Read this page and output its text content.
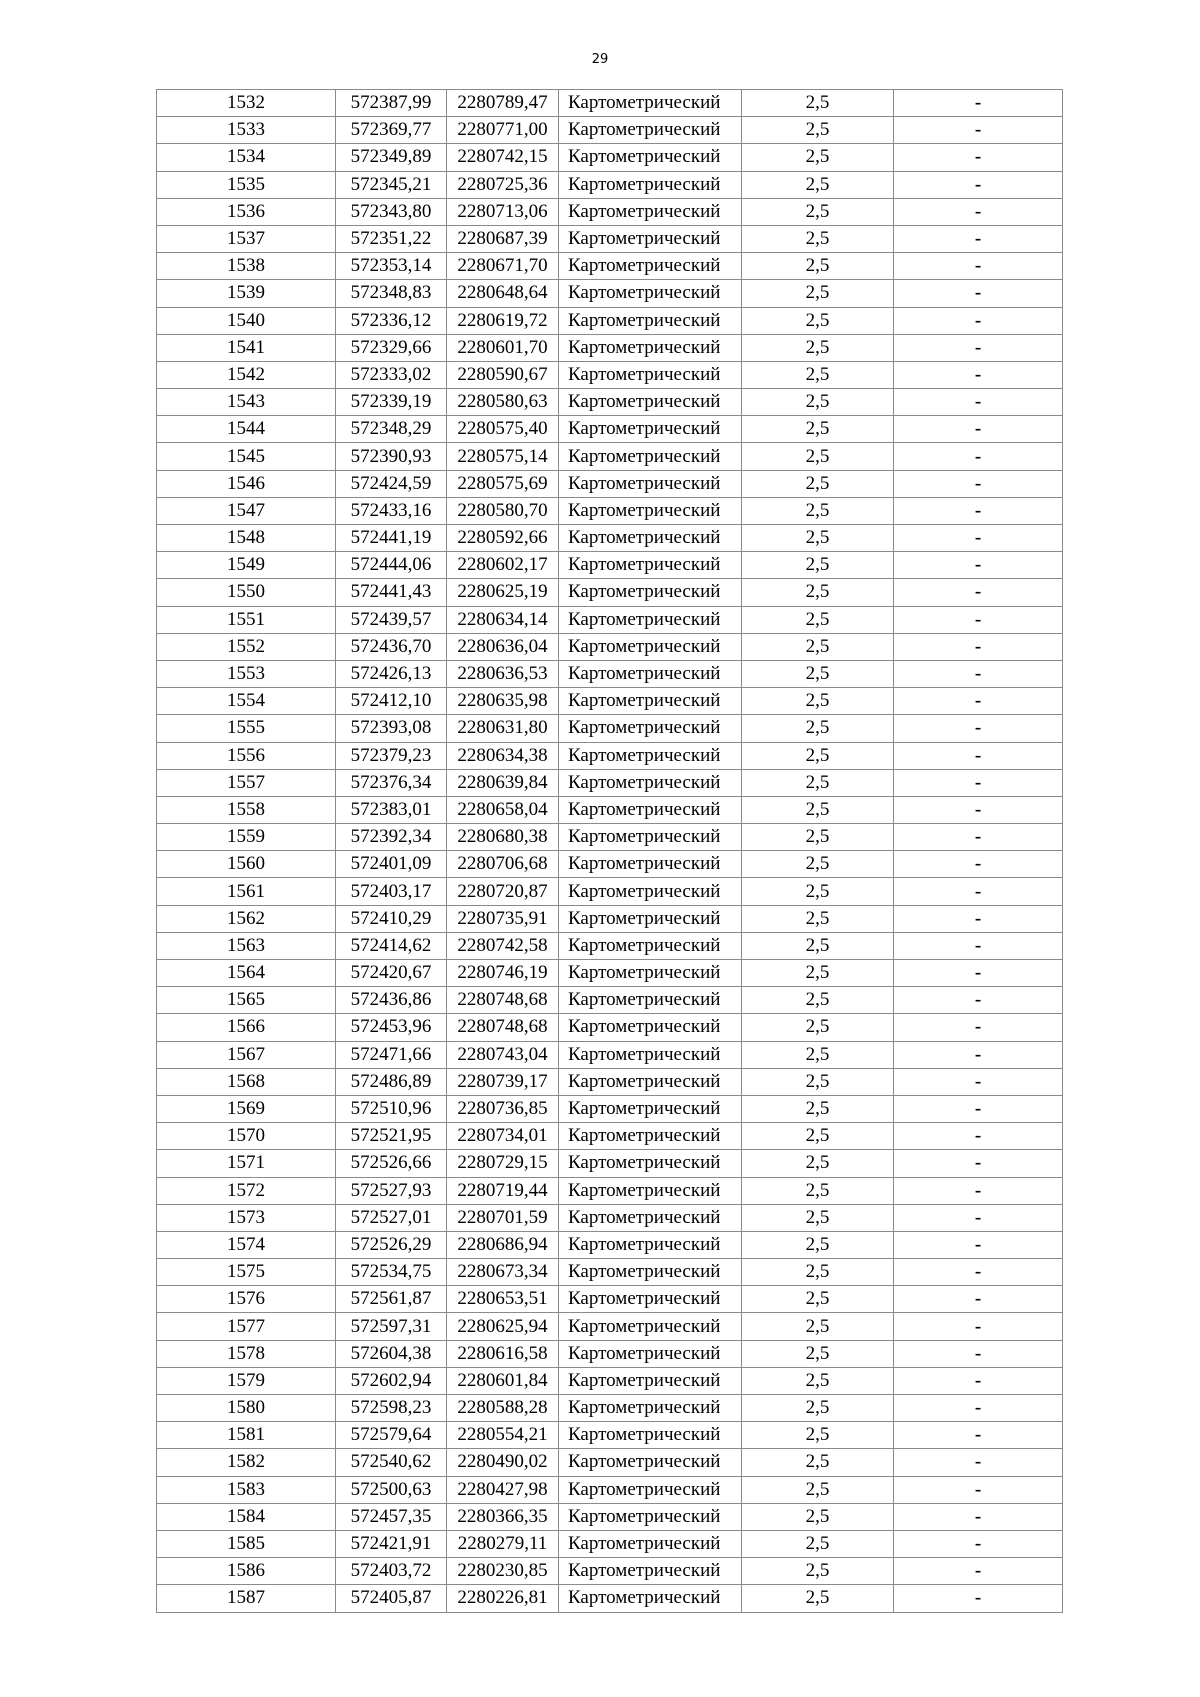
29
1532	572387,99	2280789,47	Картометрический	2,5	-
1533	572369,77	2280771,00	Картометрический	2,5	-
1534	572349,89	2280742,15	Картометрический	2,5	-
1535	572345,21	2280725,36	Картометрический	2,5	-
1536	572343,80	2280713,06	Картометрический	2,5	-
1537	572351,22	2280687,39	Картометрический	2,5	-
1538	572353,14	2280671,70	Картометрический	2,5	-
1539	572348,83	2280648,64	Картометрический	2,5	-
1540	572336,12	2280619,72	Картометрический	2,5	-
1541	572329,66	2280601,70	Картометрический	2,5	-
1542	572333,02	2280590,67	Картометрический	2,5	-
1543	572339,19	2280580,63	Картометрический	2,5	-
1544	572348,29	2280575,40	Картометрический	2,5	-
1545	572390,93	2280575,14	Картометрический	2,5	-
1546	572424,59	2280575,69	Картометрический	2,5	-
1547	572433,16	2280580,70	Картометрический	2,5	-
1548	572441,19	2280592,66	Картометрический	2,5	-
1549	572444,06	2280602,17	Картометрический	2,5	-
1550	572441,43	2280625,19	Картометрический	2,5	-
1551	572439,57	2280634,14	Картометрический	2,5	-
1552	572436,70	2280636,04	Картометрический	2,5	-
1553	572426,13	2280636,53	Картометрический	2,5	-
1554	572412,10	2280635,98	Картометрический	2,5	-
1555	572393,08	2280631,80	Картометрический	2,5	-
1556	572379,23	2280634,38	Картометрический	2,5	-
1557	572376,34	2280639,84	Картометрический	2,5	-
1558	572383,01	2280658,04	Картометрический	2,5	-
1559	572392,34	2280680,38	Картометрический	2,5	-
1560	572401,09	2280706,68	Картометрический	2,5	-
1561	572403,17	2280720,87	Картометрический	2,5	-
1562	572410,29	2280735,91	Картометрический	2,5	-
1563	572414,62	2280742,58	Картометрический	2,5	-
1564	572420,67	2280746,19	Картометрический	2,5	-
1565	572436,86	2280748,68	Картометрический	2,5	-
1566	572453,96	2280748,68	Картометрический	2,5	-
1567	572471,66	2280743,04	Картометрический	2,5	-
1568	572486,89	2280739,17	Картометрический	2,5	-
1569	572510,96	2280736,85	Картометрический	2,5	-
1570	572521,95	2280734,01	Картометрический	2,5	-
1571	572526,66	2280729,15	Картометрический	2,5	-
1572	572527,93	2280719,44	Картометрический	2,5	-
1573	572527,01	2280701,59	Картометрический	2,5	-
1574	572526,29	2280686,94	Картометрический	2,5	-
1575	572534,75	2280673,34	Картометрический	2,5	-
1576	572561,87	2280653,51	Картометрический	2,5	-
1577	572597,31	2280625,94	Картометрический	2,5	-
1578	572604,38	2280616,58	Картометрический	2,5	-
1579	572602,94	2280601,84	Картометрический	2,5	-
1580	572598,23	2280588,28	Картометрический	2,5	-
1581	572579,64	2280554,21	Картометрический	2,5	-
1582	572540,62	2280490,02	Картометрический	2,5	-
1583	572500,63	2280427,98	Картометрический	2,5	-
1584	572457,35	2280366,35	Картометрический	2,5	-
1585	572421,91	2280279,11	Картометрический	2,5	-
1586	572403,72	2280230,85	Картометрический	2,5	-
1587	572405,87	2280226,81	Картометрический	2,5	-
